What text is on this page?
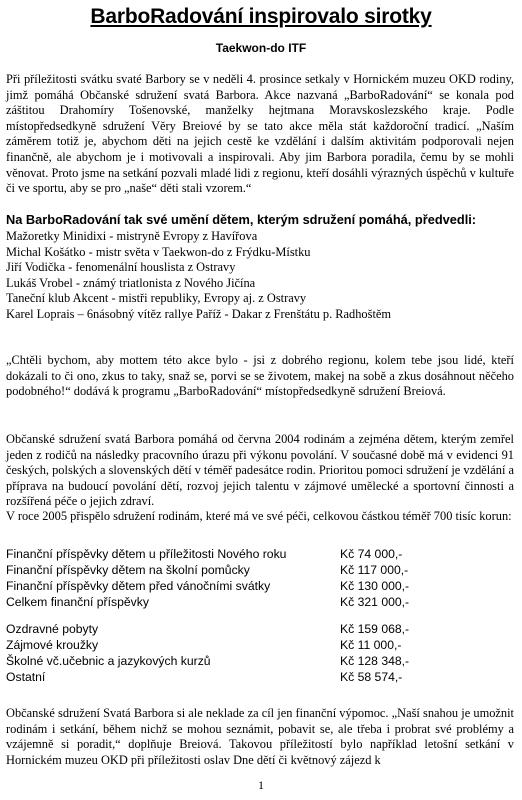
BarboRadování inspirovalo sirotky
Taekwon-do ITF

Při příležitosti svátku svaté Barbory se v neděli 4. prosince setkaly v Hornickém muzeu OKD rodiny, jimž pomáhá Občanské sdružení svatá Barbora. Akce nazvaná „BarboRadování“ se konala pod záštitou Drahomíry Tošenovské, manželky hejtmana Moravskoslezského kraje. Podle místopředsedkyně sdružení Věry Breiové by se tato akce měla stát každoroční tradicí. „Naším záměrem totiž je, abychom děti na jejich cestě ke vzdělání i dalším aktivitám podporovali nejen finančně, ale abychom je i motivovali a inspirovali. Aby jim Barbora poradila, čemu by se mohli věnovat. Proto jsme na setkání pozvali mladé lidi z regionu, kteří dosáhli výrazných úspěchů v kultuře či ve sportu, aby se pro „naše“ děti stali vzorem.“

Na BarboRadování tak své umění dětem, kterým sdružení pomáhá, předvedli:
Mažoretky Minidixi - mistryně Evropy z Havířova
Michal Košátko - mistr světa v Taekwon-do z Frýdku-Místku
Jiří Vodička - fenomenální houslista z Ostravy
Lukáš Vrobel - známý triatlonista z Nového Jičína
Taneční klub Akcent - mistři republiky, Evropy aj. z Ostravy
Karel Loprais – 6násobný vítěz rallye Paříž - Dakar z Frenštátu p. Radhoštěm

„Chtěli bychom, aby mottem této akce bylo - jsi z dobrého regionu, kolem tebe jsou lidé, kteří dokázali to či ono, zkus to taky, snaž se, porvi se se životem, makej na sobě a zkus dosáhnout něčeho podobného!“ dodává k programu „BarboRadování“ místopředsedkyně sdružení Breiová.

Občanské sdružení svatá Barbora pomáhá od června 2004 rodinám a zejména dětem, kterým zemřel jeden z rodičů na následky pracovního úrazu při výkonu povolání. V současné době má v evidenci 91 českých, polských a slovenských dětí v téměř padesátce rodin. Prioritou pomoci sdružení je vzdělání a příprava na budoucí povolání dětí, rozvoj jejich talentu v zájmové umělecké a sportovní činnosti a rozšířená péče o jejich zdraví.

V roce 2005 přispělo sdružení rodinám, které má ve své péči, celkovou částkou téměř 700 tisíc korun:

Finanční příspěvky dětem u příležitosti Nového roku	Kč 74 000,-
Finanční příspěvky dětem na školní pomůcky	Kč 117 000,-
Finanční příspěvky dětem před vánočními svátky	Kč 130 000,-
Celkem finanční příspěvky	Kč 321 000,-
Ozdravné pobyty	Kč 159 068,-
Zájmové kroužky	Kč 11 000,-
Školné vč.učebnic a jazykových kurzů	Kč 128 348,-
Ostatní	Kč 58 574,-

Občanské sdružení Svatá Barbora si ale neklade za cíl jen finanční výpomoc. „Naší snahou je umožnit rodinám i setkání, během nichž se mohou seznámit, pobavit se, ale třeba i probrat své problémy a vzájemně si poradit,“ doplňuje Breiová. Takovou příležitostí bylo například letošní setkání v Hornickém muzeu OKD při příležitosti oslav Dne dětí či květnový zájezd k

1
